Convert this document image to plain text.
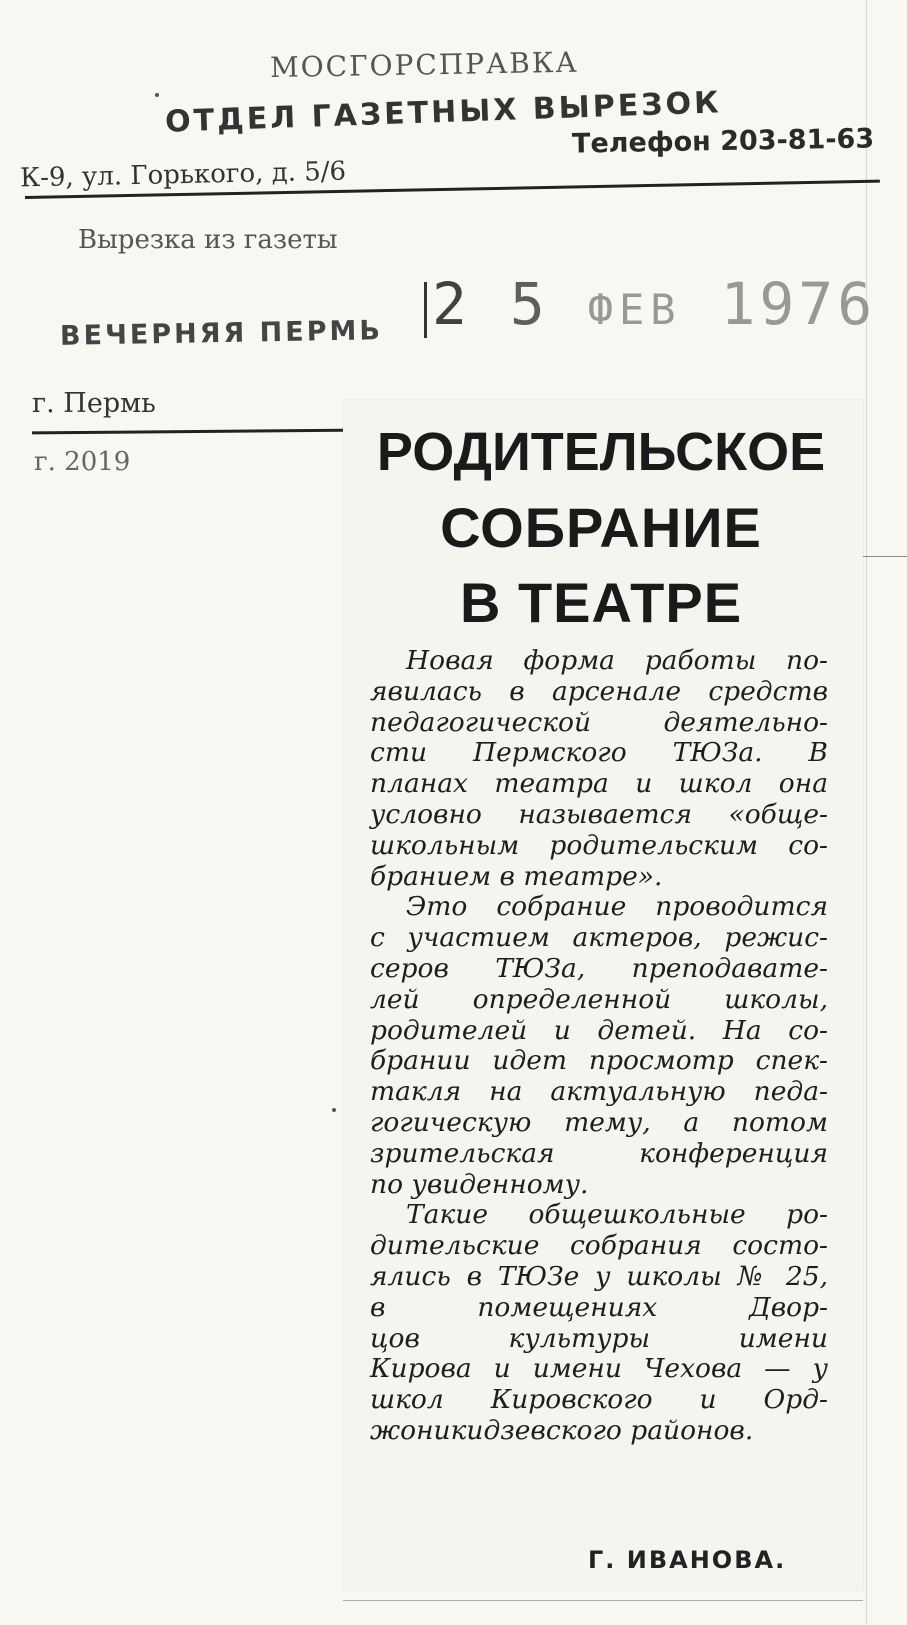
МОСГОРСПРАВКА
ОТДЕЛ ГАЗЕТНЫХ ВЫРЕЗОК
К-9, ул. Горького, д. 5/6
Телефон 203-81-63
Вырезка из газеты
ВЕЧЕРНЯЯ ПЕРМЬ 2 5 ФЕВ 1976
г. Пермь
г. 2019	РОДИТЕЛЬСКОЕ
СОБРАНИЕ
В ТЕАТРЕ
Новая форма работы по-
явилась в арсенале средств
педагогической деятельно-
сти Пермского ТЮЗа. В
планах театра и школ она
условно называется «обще-
школьным родительским со-
бранием в театре».
Это собрание проводится
с участием актеров, режис-
серов ТЮЗа, преподавате-
лей определенной школы,
родителей и детей. На со-
брании идет просмотр спек-
такля на актуальную педа-
гогическую тему, а потом
зрительская конференция
по увиденному.
Такие общешкольные ро-
дительские собрания состо-
ялись в ТЮЗе у школы № 25,
в помещениях Двор-
цов культуры имени
Кирова и имени Чехова — у
школ Кировского и Орд-
жоникидзевского районов.
Г. ИВАНОВА.
